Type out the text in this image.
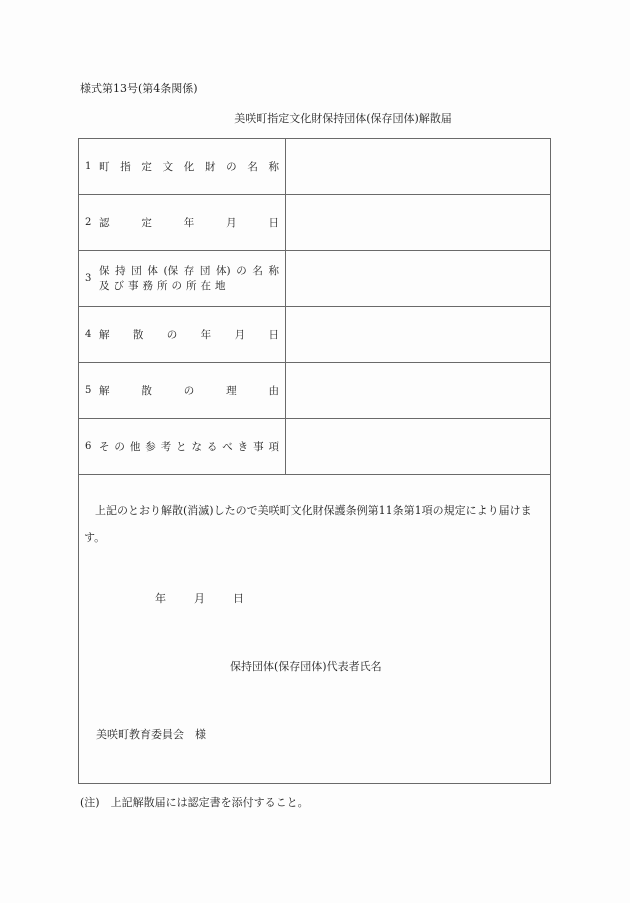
様式第13号(第4条関係)
美咲町指定文化財保持団体(保存団体)解散届
1 町 指 定 文 化 財 の 名 称
2 認	定	年	月	日
3
保 持 団 体 (保 存 団 体) の 名 称
及び事務所の所在地
4 解 散 の 年 月 日
5 解	散	の	理	由
6 そ の 他 参 考 と な る べ き 事 項
上記のとおり解散(消滅)したので美咲町文化財保護条例第11条第1項の規定により届けます。
年	月	日
保持団体(保存団体)代表者氏名
美咲町教育委員会　様
(注)　上記解散届には認定書を添付すること。
